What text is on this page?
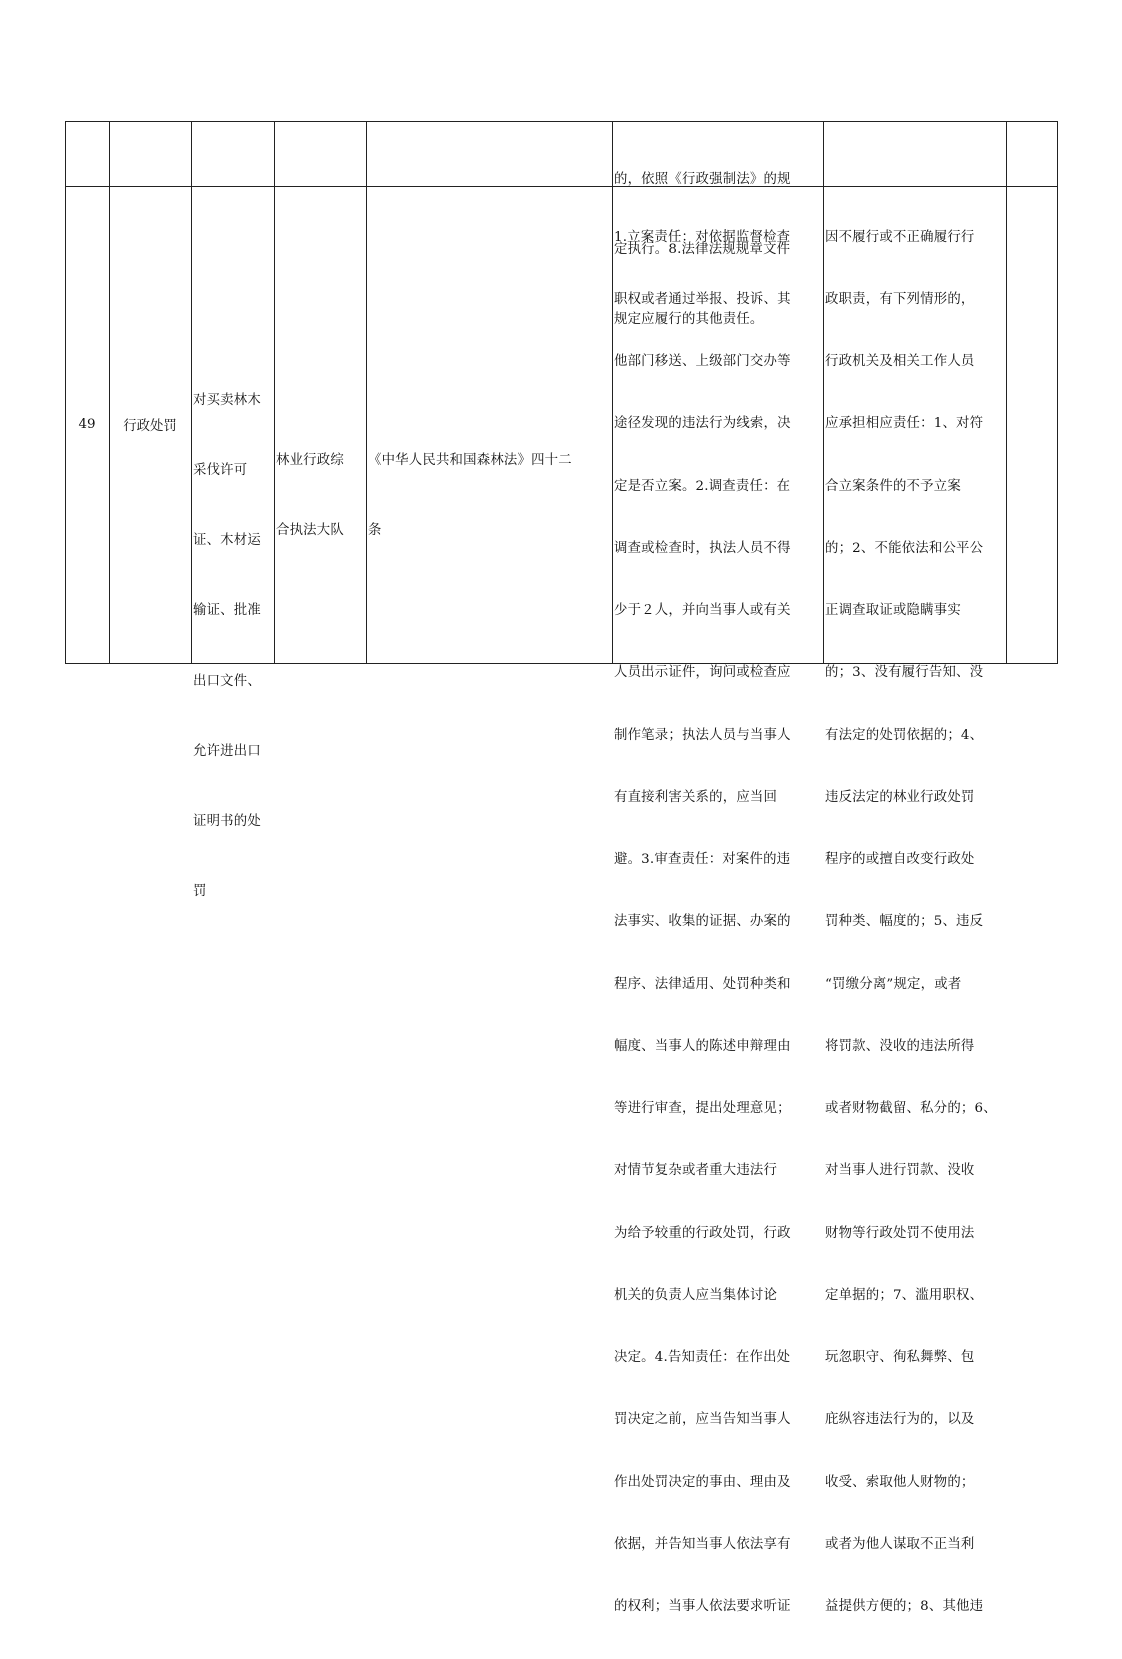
的，依照《行政强制法》的规

定执行。8.法律法规规章文件

规定应履行的其他责任。

49	行政处罚

对买卖林木

采伐许可

证、木材运

输证、批准

出口文件、

允许进出口

证明书的处

罚

林业行政综

合执法大队

《中华人民共和国森林法》四十二

条

1.立案责任：对依据监督检查

职权或者通过举报、投诉、其

他部门移送、上级部门交办等

途径发现的违法行为线索，决

定是否立案。2.调查责任：在

调查或检查时，执法人员不得

少于２人，并向当事人或有关

人员出示证件，询问或检查应

制作笔录；执法人员与当事人

有直接利害关系的，应当回

避。3.审查责任：对案件的违

法事实、收集的证据、办案的

程序、法律适用、处罚种类和

幅度、当事人的陈述申辩理由

等进行审查，提出处理意见；

对情节复杂或者重大违法行

为给予较重的行政处罚，行政

机关的负责人应当集体讨论

决定。4.告知责任：在作出处

罚决定之前，应当告知当事人

作出处罚决定的事由、理由及

依据，并告知当事人依法享有

的权利；当事人依法要求听证

因不履行或不正确履行行

政职责，有下列情形的，

行政机关及相关工作人员

应承担相应责任：1、对符

合立案条件的不予立案

的；2、不能依法和公平公

正调查取证或隐瞒事实

的；3、没有履行告知、没

有法定的处罚依据的；4、

违反法定的林业行政处罚

程序的或擅自改变行政处

罚种类、幅度的；5、违反

“罚缴分离”规定，或者

将罚款、没收的违法所得

或者财物截留、私分的；6、

对当事人进行罚款、没收

财物等行政处罚不使用法

定单据的；7、滥用职权、

玩忽职守、徇私舞弊、包

庇纵容违法行为的，以及

收受、索取他人财物的；

或者为他人谋取不正当利

益提供方便的；8、其他违
